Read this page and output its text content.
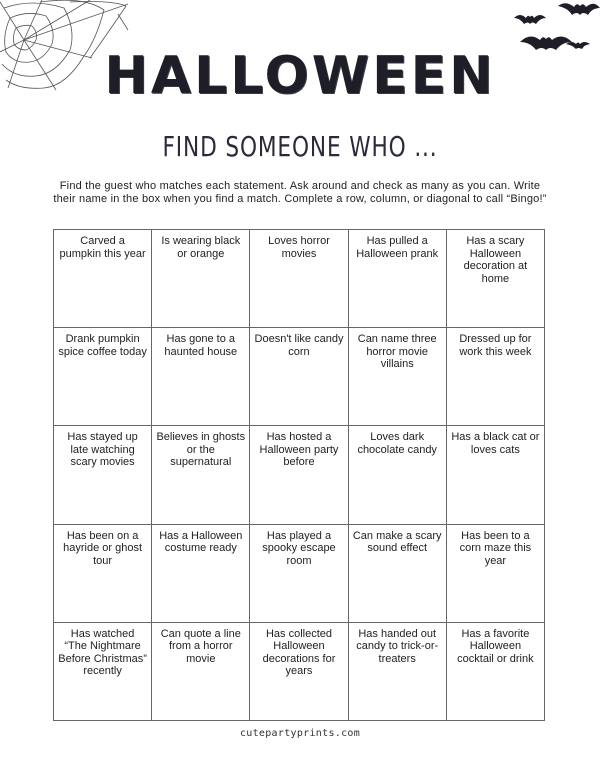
HALLOWEEN
FIND SOMEONE WHO ...
Find the guest who matches each statement. Ask around and check as many as you can. Write their name in the box when you find a match. Complete a row, column, or diagonal to call “Bingo!”
Carved a pumpkin this year
Is wearing black or orange
Loves horror movies
Has pulled a Halloween prank
Has a scary Halloween decoration at home
Drank pumpkin spice coffee today
Has gone to a haunted house
Doesn't like candy corn
Can name three horror movie villains
Dressed up for work this week
Has stayed up late watching scary movies
Believes in ghosts or the supernatural
Has hosted a Halloween party before
Loves dark chocolate candy
Has a black cat or loves cats
Has been on a hayride or ghost tour
Has a Halloween costume ready
Has played a spooky escape room
Can make a scary sound effect
Has been to a corn maze this year
Has watched “The Nightmare Before Christmas” recently
Can quote a line from a horror movie
Has collected Halloween decorations for years
Has handed out candy to trick-or-treaters
Has a favorite Halloween cocktail or drink
cutepartyprints.com
